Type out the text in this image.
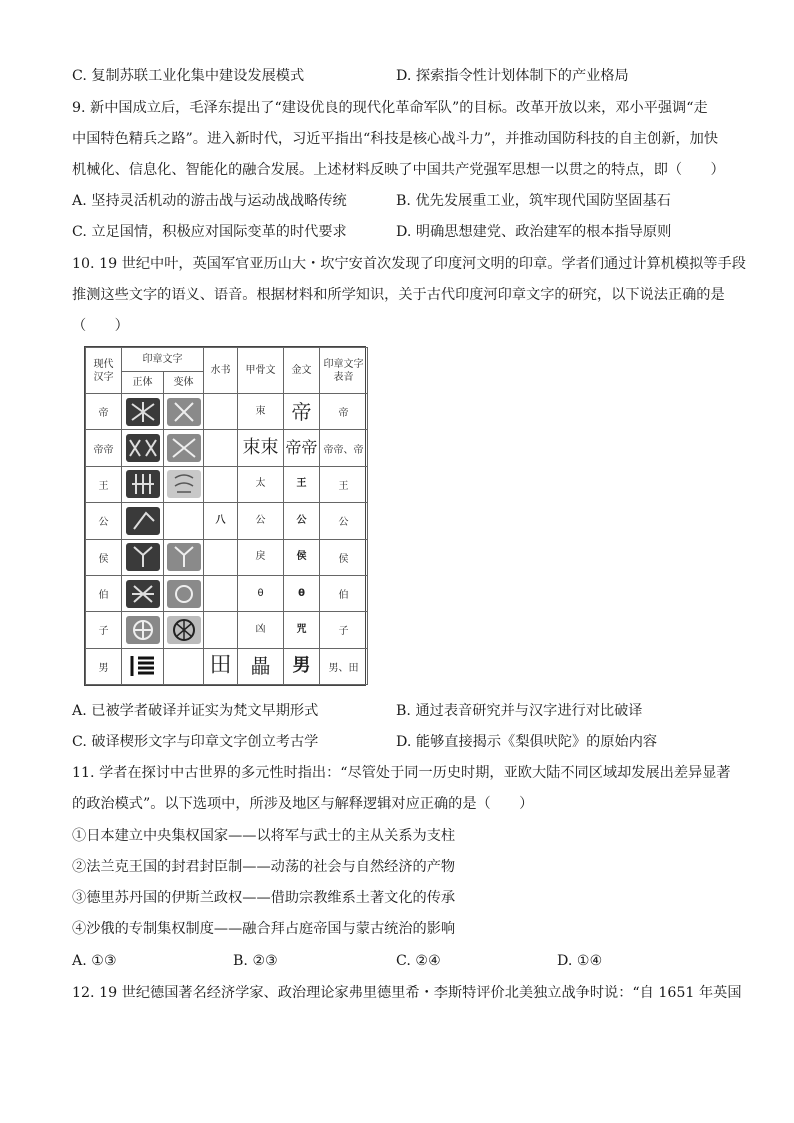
C. 复制苏联工业化集中建设发展模式	D. 探索指令性计划体制下的产业格局
9. 新中国成立后，毛泽东提出了“建设优良的现代化革命军队”的目标。改革开放以来，邓小平强调“走
中国特色精兵之路”。进入新时代，习近平指出“科技是核心战斗力”，并推动国防科技的自主创新，加快
机械化、信息化、智能化的融合发展。上述材料反映了中国共产党强军思想一以贯之的特点，即（　　）
A. 坚持灵活机动的游击战与运动战战略传统	B. 优先发展重工业，筑牢现代国防坚固基石
C. 立足国情，积极应对国际变革的时代要求	D. 明确思想建党、政治建军的根本指导原则
10. 19 世纪中叶，英国军官亚历山大・坎宁安首次发现了印度河文明的印章。学者们通过计算机模拟等手段
推测这些文字的语义、语音。根据材料和所学知识，关于古代印度河印章文字的研究，以下说法正确的是
（　　）
现代汉字	印章文字		水书	甲骨文	金文	印章文字表音
	正体	变体				
帝				朿	帝	帝
帝帝				朿朿	帝帝	帝帝、帝
王				太	王	王
公			八	公	公	公
侯				戾	侯	侯
伯				θ	θ	伯
子				凶	咒	子
男			田	畾	男	男、田
A. 已被学者破译并证实为梵文早期形式	B. 通过表音研究并与汉字进行对比破译
C. 破译楔形文字与印章文字创立考古学	D. 能够直接揭示《梨俱吠陀》的原始内容
11. 学者在探讨中古世界的多元性时指出：“尽管处于同一历史时期，亚欧大陆不同区域却发展出差异显著
的政治模式”。以下选项中，所涉及地区与解释逻辑对应正确的是（　　）
①日本建立中央集权国家——以将军与武士的主从关系为支柱
②法兰克王国的封君封臣制——动荡的社会与自然经济的产物
③德里苏丹国的伊斯兰政权——借助宗教维系土著文化的传承
④沙俄的专制集权制度——融合拜占庭帝国与蒙古统治的影响
A. ①③	B. ②③	C. ②④	D. ①④
12. 19 世纪德国著名经济学家、政治理论家弗里德里希・李斯特评价北美独立战争时说：“自 1651 年英国
